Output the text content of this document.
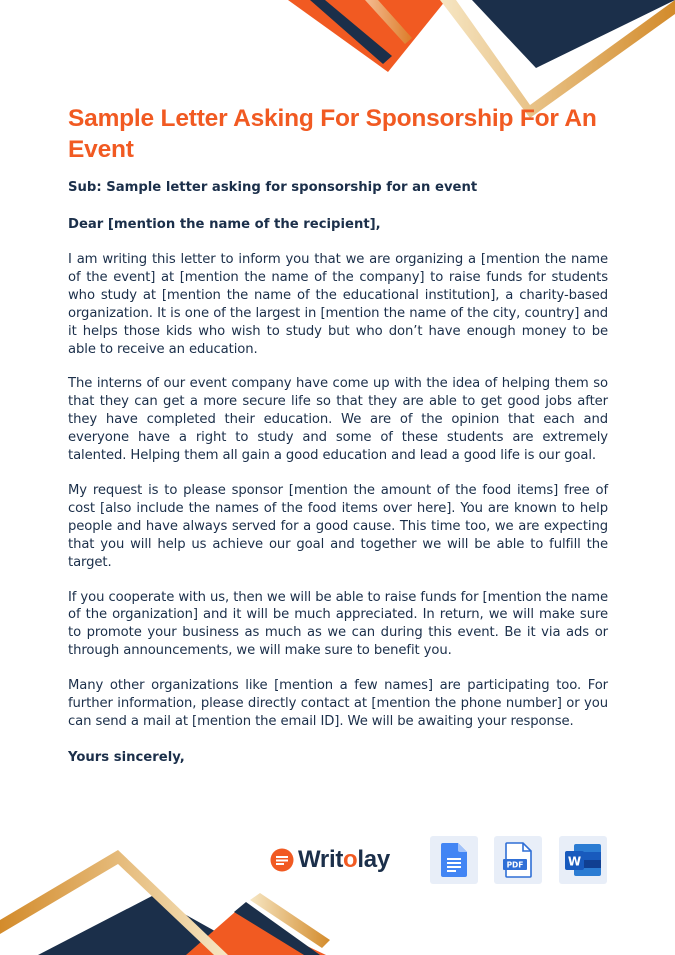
Sample Letter Asking For Sponsorship For An Event

Sub: Sample letter asking for sponsorship for an event

Dear [mention the name of the recipient],

I am writing this letter to inform you that we are organizing a [mention the name of the event] at [mention the name of the company] to raise funds for students who study at [mention the name of the educational institution], a charity-based organization. It is one of the largest in [mention the name of the city, country] and it helps those kids who wish to study but who don’t have enough money to be able to receive an education.

The interns of our event company have come up with the idea of helping them so that they can get a more secure life so that they are able to get good jobs after they have completed their education. We are of the opinion that each and everyone have a right to study and some of these students are extremely talented. Helping them all gain a good education and lead a good life is our goal.

My request is to please sponsor [mention the amount of the food items] free of cost [also include the names of the food items over here]. You are known to help people and have always served for a good cause. This time too, we are expecting that you will help us achieve our goal and together we will be able to fulfill the target.

If you cooperate with us, then we will be able to raise funds for [mention the name of the organization] and it will be much appreciated. In return, we will make sure to promote your business as much as we can during this event. Be it via ads or through announcements, we will make sure to benefit you.

Many other organizations like [mention a few names] are participating too. For further information, please directly contact at [mention the phone number] or you can send a mail at [mention the email ID]. We will be awaiting your response.

Yours sincerely,

Writolay	PDF	W
